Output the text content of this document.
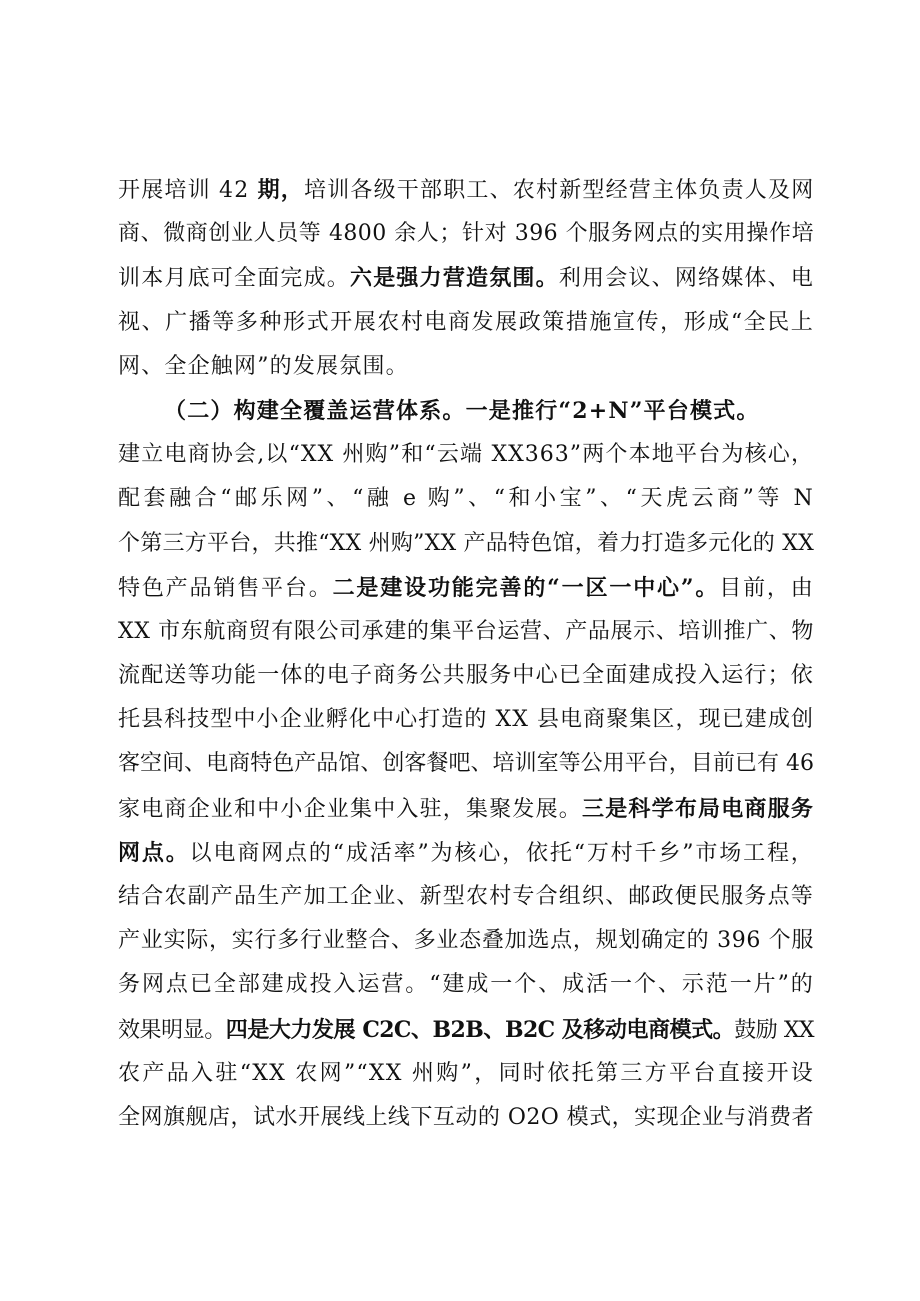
开展培训 42 期，培训各级干部职工、农村新型经营主体负责人及网
商、微商创业人员等 4800 余人；针对 396 个服务网点的实用操作培
训本月底可全面完成。六是强力营造氛围。利用会议、网络媒体、电
视、广播等多种形式开展农村电商发展政策措施宣传，形成“全民上
网、全企触网”的发展氛围。
（二）构建全覆盖运营体系。一是推行“2+N”平台模式。
建立电商协会,以“XX 州购”和“云端 XX363”两个本地平台为核心，
配套融合“邮乐网”、“融 e 购”、“和小宝”、“天虎云商”等 N
个第三方平台，共推“XX 州购”XX 产品特色馆，着力打造多元化的 XX
特色产品销售平台。二是建设功能完善的“一区一中心”。目前，由
XX 市东航商贸有限公司承建的集平台运营、产品展示、培训推广、物
流配送等功能一体的电子商务公共服务中心已全面建成投入运行；依
托县科技型中小企业孵化中心打造的 XX 县电商聚集区，现已建成创
客空间、电商特色产品馆、创客餐吧、培训室等公用平台，目前已有 46
家电商企业和中小企业集中入驻，集聚发展。三是科学布局电商服务
网点。以电商网点的“成活率”为核心，依托“万村千乡”市场工程，
结合农副产品生产加工企业、新型农村专合组织、邮政便民服务点等
产业实际，实行多行业整合、多业态叠加选点，规划确定的 396 个服
务网点已全部建成投入运营。“建成一个、成活一个、示范一片”的
效果明显。四是大力发展 C2C、B2B、B2C 及移动电商模式。鼓励 XX
农产品入驻“XX 农网”“XX 州购”，同时依托第三方平台直接开设
全网旗舰店，试水开展线上线下互动的 O2O 模式，实现企业与消费者
